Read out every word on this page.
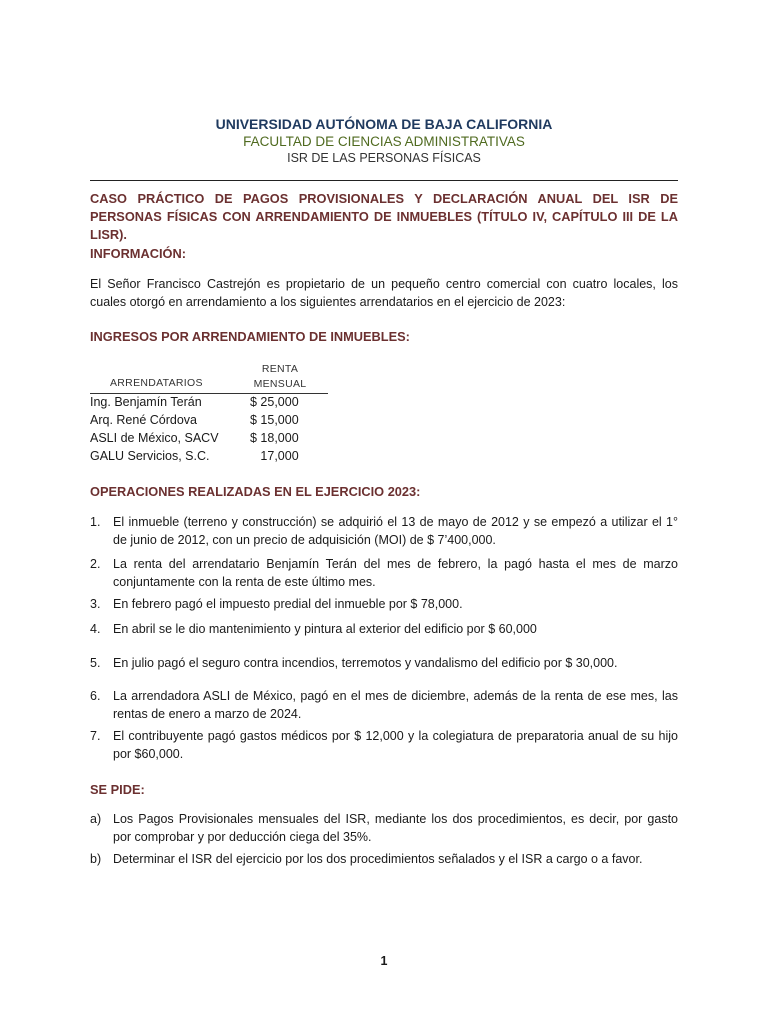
UNIVERSIDAD AUTÓNOMA DE BAJA CALIFORNIA
FACULTAD DE CIENCIAS ADMINISTRATIVAS
ISR DE LAS PERSONAS FÍSICAS
CASO PRÁCTICO DE PAGOS PROVISIONALES Y DECLARACIÓN ANUAL DEL ISR DE PERSONAS FÍSICAS CON ARRENDAMIENTO DE INMUEBLES (TÍTULO IV, CAPÍTULO III DE LA LISR).
INFORMACIÓN:
El Señor Francisco Castrejón es propietario de un pequeño centro comercial con cuatro locales, los cuales otorgó en arrendamiento a los siguientes arrendatarios en el ejercicio de 2023:
INGRESOS POR ARRENDAMIENTO DE INMUEBLES:
ARRENDATARIOS
RENTA
MENSUAL
Ing. Benjamín Terán	$ 25,000
Arq. René Córdova	$ 15,000
ASLI de México, SACV	$ 18,000
GALU Servicios, S.C.	17,000
OPERACIONES REALIZADAS EN EL EJERCICIO 2023:
1.	El inmueble (terreno y construcción) se adquirió el 13 de mayo de 2012 y se empezó a utilizar el 1° de junio de 2012, con un precio de adquisición (MOI) de $ 7’400,000.
2.	La renta del arrendatario Benjamín Terán del mes de febrero, la pagó hasta el mes de marzo conjuntamente con la renta de este último mes.
3.	En febrero pagó el impuesto predial del inmueble por $ 78,000.
4.	En abril se le dio mantenimiento y pintura al exterior del edificio por $ 60,000
5.	En julio pagó el seguro contra incendios, terremotos y vandalismo del edificio por $ 30,000.
6.	La arrendadora ASLI de México, pagó en el mes de diciembre, además de la renta de ese mes, las rentas de enero a marzo de 2024.
7.	El contribuyente pagó gastos médicos por $ 12,000 y la colegiatura de preparatoria anual de su hijo por $60,000.
SE PIDE:
a) Los Pagos Provisionales mensuales del ISR, mediante los dos procedimientos, es decir, por gasto por comprobar y por deducción ciega del 35%.
b) Determinar el ISR del ejercicio por los dos procedimientos señalados y el ISR a cargo o a favor.
1
